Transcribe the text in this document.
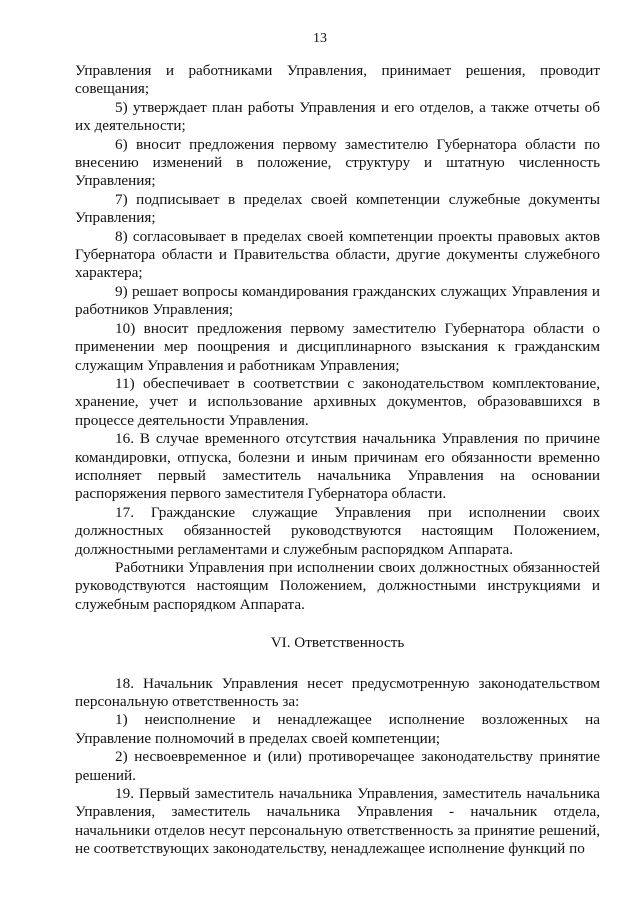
13

Управления и работниками Управления, принимает решения, проводит совещания;

5) утверждает план работы Управления и его отделов, а также отчеты об их деятельности;

6) вносит предложения первому заместителю Губернатора области по внесению изменений в положение, структуру и штатную численность Управления;

7) подписывает в пределах своей компетенции служебные документы Управления;

8) согласовывает в пределах своей компетенции проекты правовых актов Губернатора области и Правительства области, другие документы служебного характера;

9) решает вопросы командирования гражданских служащих Управления и работников Управления;

10) вносит предложения первому заместителю Губернатора области о применении мер поощрения и дисциплинарного взыскания к гражданским служащим Управления и работникам Управления;

11) обеспечивает в соответствии с законодательством комплектование, хранение, учет и использование архивных документов, образовавшихся в процессе деятельности Управления.

16. В случае временного отсутствия начальника Управления по причине командировки, отпуска, болезни и иным причинам его обязанности временно исполняет первый заместитель начальника Управления на основании распоряжения первого заместителя Губернатора области.

17. Гражданские служащие Управления при исполнении своих должностных обязанностей руководствуются настоящим Положением, должностными регламентами и служебным распорядком Аппарата.

Работники Управления при исполнении своих должностных обязанностей руководствуются настоящим Положением, должностными инструкциями и служебным распорядком Аппарата.

VI. Ответственность

18. Начальник Управления несет предусмотренную законодательством персональную ответственность за:

1) неисполнение и ненадлежащее исполнение возложенных на Управление полномочий в пределах своей компетенции;

2) несвоевременное и (или) противоречащее законодательству принятие решений.

19. Первый заместитель начальника Управления, заместитель начальника Управления, заместитель начальника Управления - начальник отдела, начальники отделов несут персональную ответственность за принятие решений, не соответствующих законодательству, ненадлежащее исполнение функций по
